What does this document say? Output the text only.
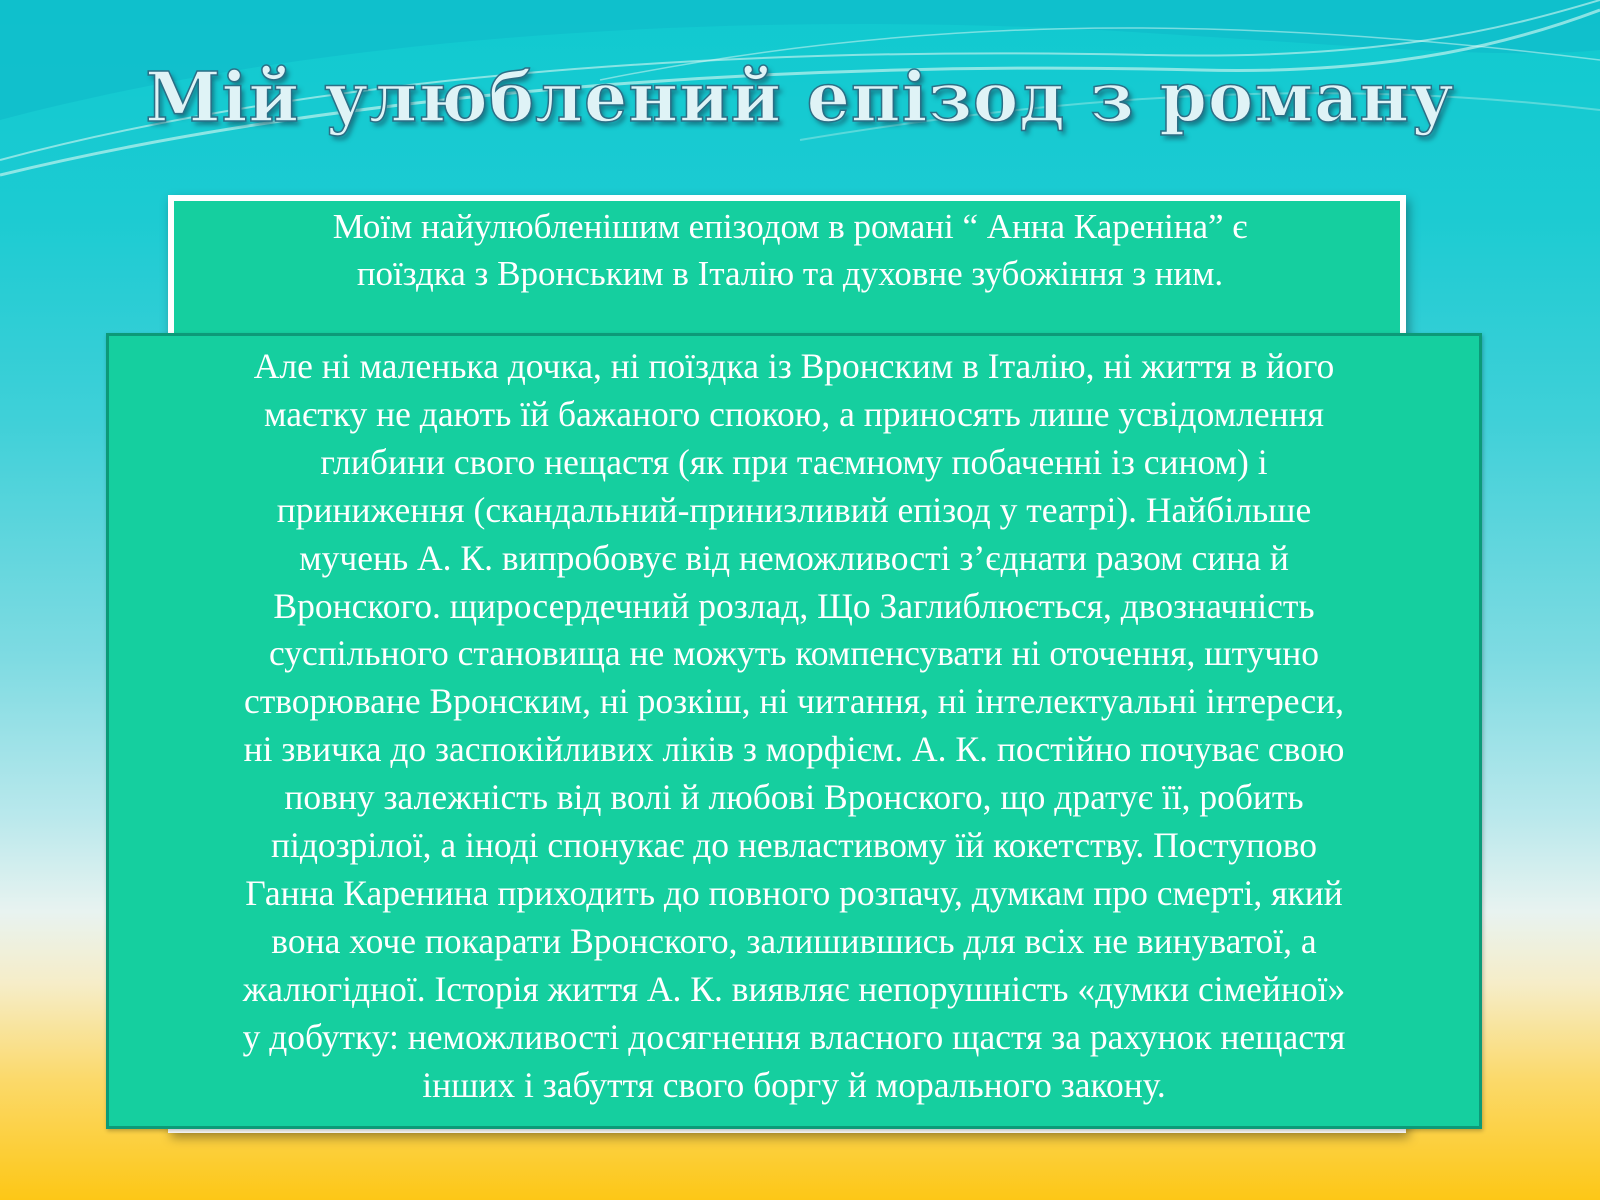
Мій улюблений епізод з роману
Моїм найулюбленішим епізодом в романі “ Анна Кареніна” є
поїздка з Вронським в Італію та духовне зубожіння з ним.
Але ні маленька дочка, ні поїздка із Вронским в Італію, ні життя в його
маєтку не дають їй бажаного спокою, а приносять лише усвідомлення
глибини свого нещастя (як при таємному побаченні із сином) і
приниження (скандальний-принизливий епізод у театрі). Найбільше
мучень А. К. випробовує від неможливості з’єднати разом сина й
Вронского. щиросердечний розлад, Що Заглиблюється, двозначність
суспільного становища не можуть компенсувати ні оточення, штучно
створюване Вронским, ні розкіш, ні читання, ні інтелектуальні інтереси,
ні звичка до заспокійливих ліків з морфієм. А. К. постійно почуває свою
повну залежність від волі й любові Вронского, що дратує її, робить
підозрілої, а іноді спонукає до невластивому їй кокетству. Поступово
Ганна Каренина приходить до повного розпачу, думкам про смерті, який
вона хоче покарати Вронского, залишившись для всіх не винуватої, а
жалюгідної. Історія життя А. К. виявляє непорушність «думки сімейної»
у добутку: неможливості досягнення власного щастя за рахунок нещастя
інших і забуття свого боргу й морального закону.
